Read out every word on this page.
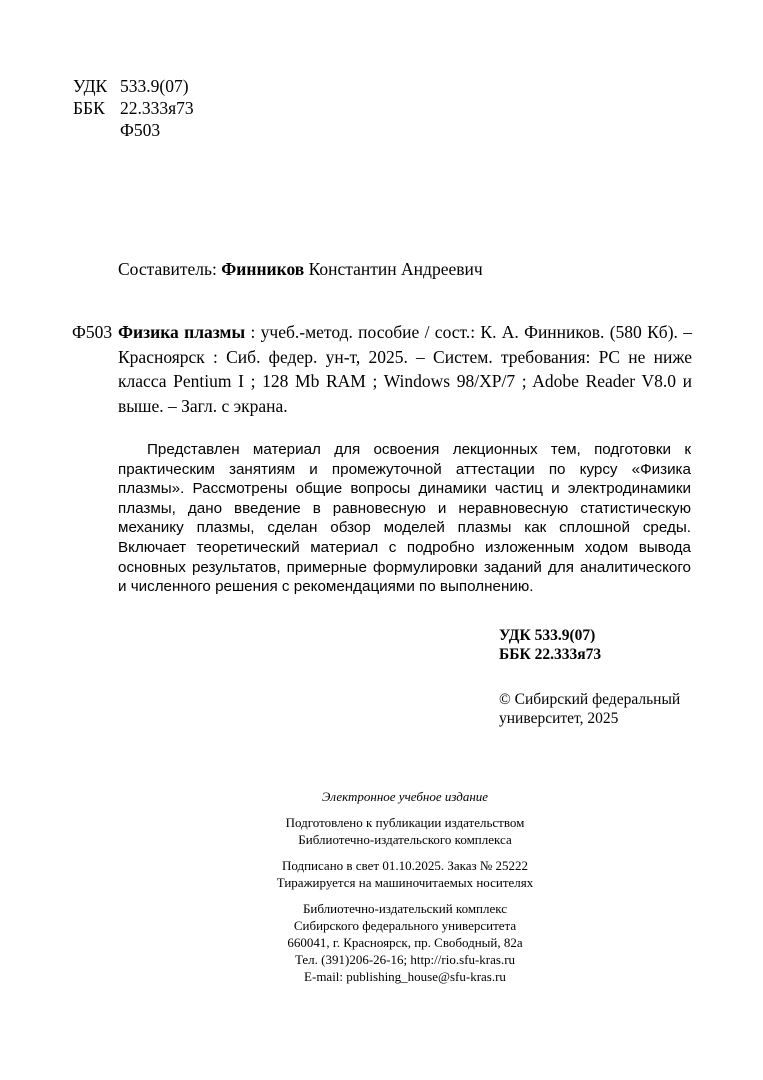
УДК 533.9(07)
ББК 22.333я73
Ф503
Составитель: Финников Константин Андреевич
Ф503 Физика плазмы : учеб.-метод. пособие / сост.: К. А. Финников. (580 Кб). – Красноярск : Сиб. федер. ун-т, 2025. – Систем. требования: PC не ниже класса Pentium I ; 128 Mb RAM ; Windows 98/XP/7 ; Adobe Reader V8.0 и выше. – Загл. с экрана.

Представлен материал для освоения лекционных тем, подготовки к практическим занятиям и промежуточной аттестации по курсу «Физика плазмы». Рассмотрены общие вопросы динамики частиц и электродинамики плазмы, дано введение в равновесную и неравновесную статистическую механику плазмы, сделан обзор моделей плазмы как сплошной среды. Включает теоретический материал с подробно изложенным ходом вывода основных результатов, примерные формулировки заданий для аналитического и численного решения с рекомендациями по выполнению.

УДК 533.9(07)
ББК 22.333я73
© Сибирский федеральный
университет, 2025
Электронное учебное издание
Подготовлено к публикации издательством
Библиотечно-издательского комплекса
Подписано в свет 01.10.2025. Заказ № 25222
Тиражируется на машиночитаемых носителях
Библиотечно-издательский комплекс
Сибирского федерального университета
660041, г. Красноярск, пр. Свободный, 82а
Тел. (391)206-26-16; http://rio.sfu-kras.ru
E-mail: publishing_house@sfu-kras.ru
